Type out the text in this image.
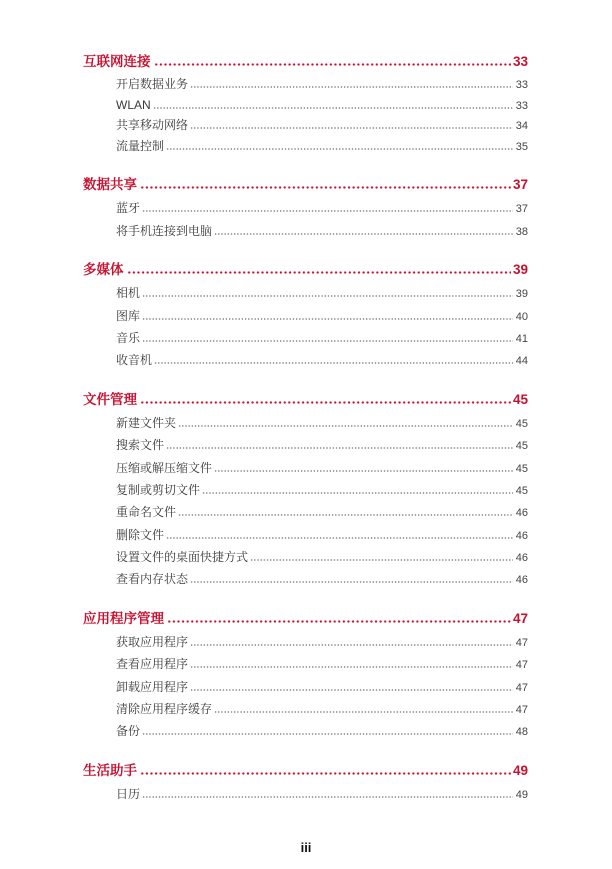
互联网连接	33
开启数据业务	33
WLAN	33
共享移动网络	34
流量控制	35
数据共享	37
蓝牙	37
将手机连接到电脑	38
多媒体	39
相机	39
图库	40
音乐	41
收音机	44
文件管理	45
新建文件夹	45
搜索文件	45
压缩或解压缩文件	45
复制或剪切文件	45
重命名文件	46
删除文件	46
设置文件的桌面快捷方式	46
查看内存状态	46
应用程序管理	47
获取应用程序	47
查看应用程序	47
卸载应用程序	47
清除应用程序缓存	47
备份	48
生活助手	49
日历	49
iii
